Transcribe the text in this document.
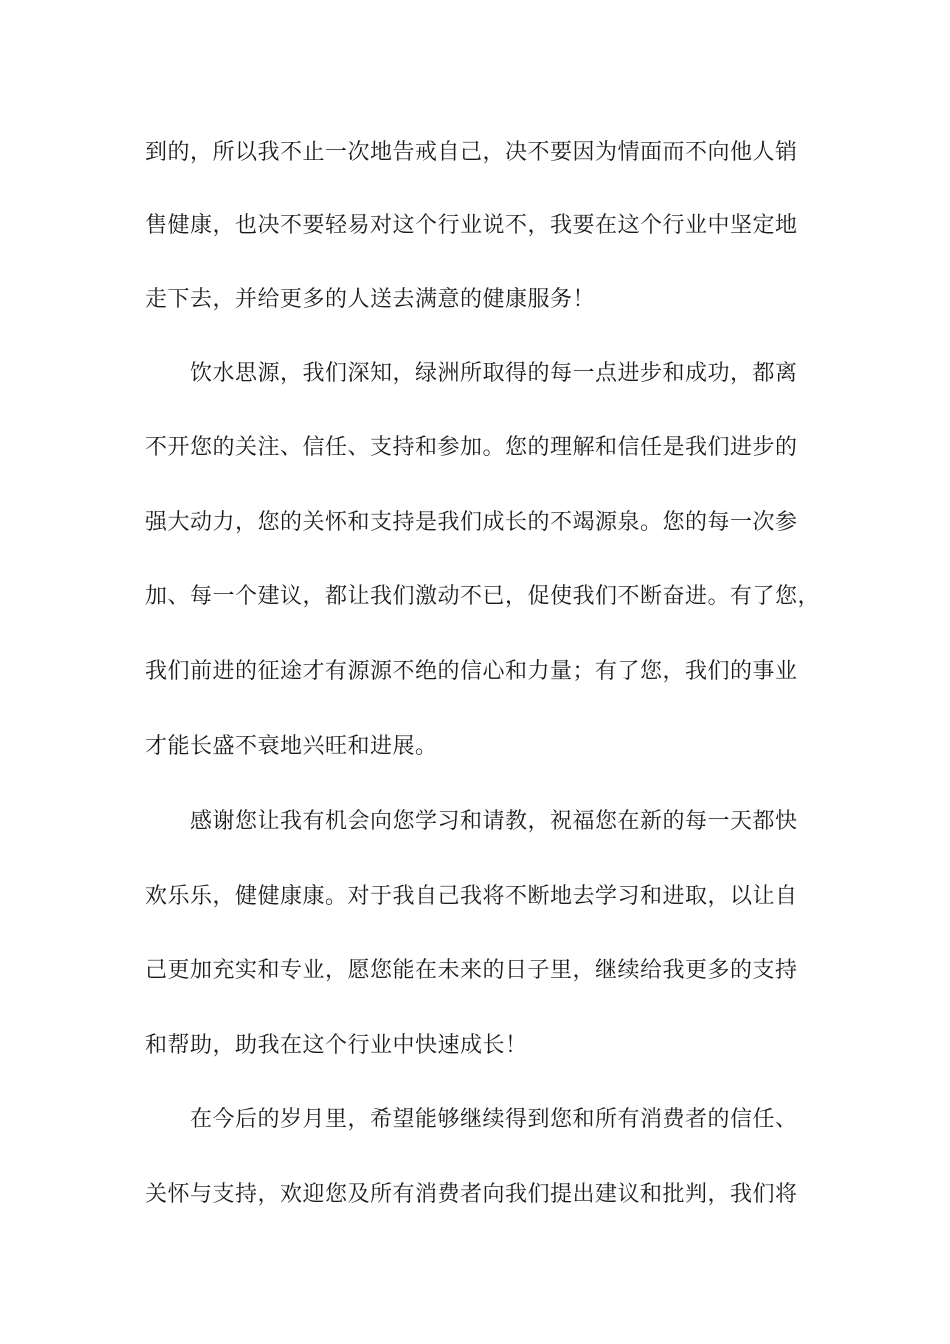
到的，所以我不止一次地告戒自己，决不要因为情面而不向他人销
售健康，也决不要轻易对这个行业说不，我要在这个行业中坚定地
走下去，并给更多的人送去满意的健康服务！
饮水思源，我们深知，绿洲所取得的每一点进步和成功，都离
不开您的关注、信任、支持和参加。您的理解和信任是我们进步的
强大动力，您的关怀和支持是我们成长的不竭源泉。您的每一次参
加、每一个建议，都让我们激动不已，促使我们不断奋进。有了您，
我们前进的征途才有源源不绝的信心和力量；有了您，我们的事业
才能长盛不衰地兴旺和进展。
感谢您让我有机会向您学习和请教，祝福您在新的每一天都快
欢乐乐，健健康康。对于我自己我将不断地去学习和进取，以让自
己更加充实和专业，愿您能在未来的日子里，继续给我更多的支持
和帮助，助我在这个行业中快速成长！
在今后的岁月里，希望能够继续得到您和所有消费者的信任、
关怀与支持，欢迎您及所有消费者向我们提出建议和批判，我们将
